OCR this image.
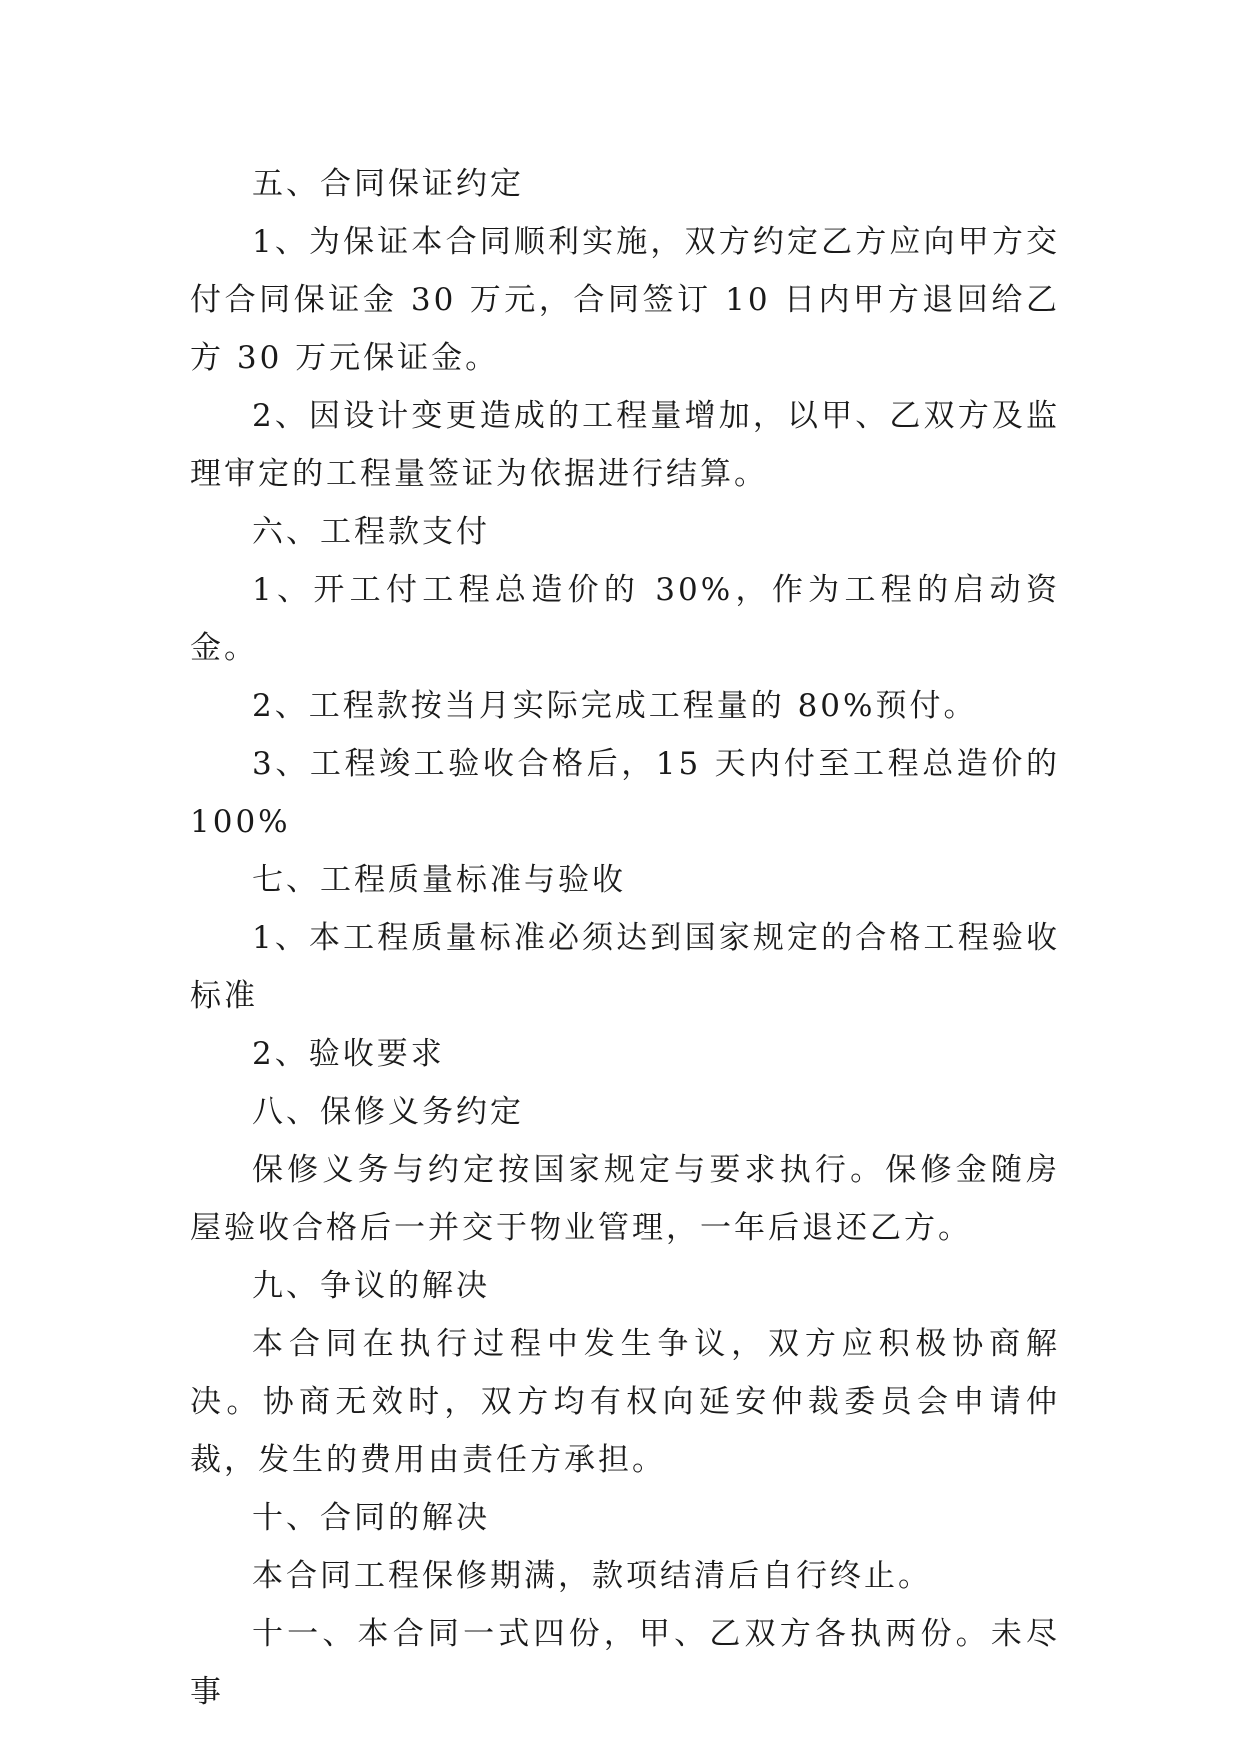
五、合同保证约定

1、为保证本合同顺利实施，双方约定乙方应向甲方交付合同保证金 30 万元，合同签订 10 日内甲方退回给乙方 30 万元保证金。

2、因设计变更造成的工程量增加，以甲、乙双方及监理审定的工程量签证为依据进行结算。

六、工程款支付

1、开工付工程总造价的 30%，作为工程的启动资金。

2、工程款按当月实际完成工程量的 80%预付。

3、工程竣工验收合格后，15 天内付至工程总造价的 100%

七、工程质量标准与验收

1、本工程质量标准必须达到国家规定的合格工程验收标准

2、验收要求

八、保修义务约定

保修义务与约定按国家规定与要求执行。保修金随房屋验收合格后一并交于物业管理，一年后退还乙方。

九、争议的解决

本合同在执行过程中发生争议，双方应积极协商解决。协商无效时，双方均有权向延安仲裁委员会申请仲裁，发生的费用由责任方承担。

十、合同的解决

本合同工程保修期满，款项结清后自行终止。

十一、本合同一式四份，甲、乙双方各执两份。未尽事
